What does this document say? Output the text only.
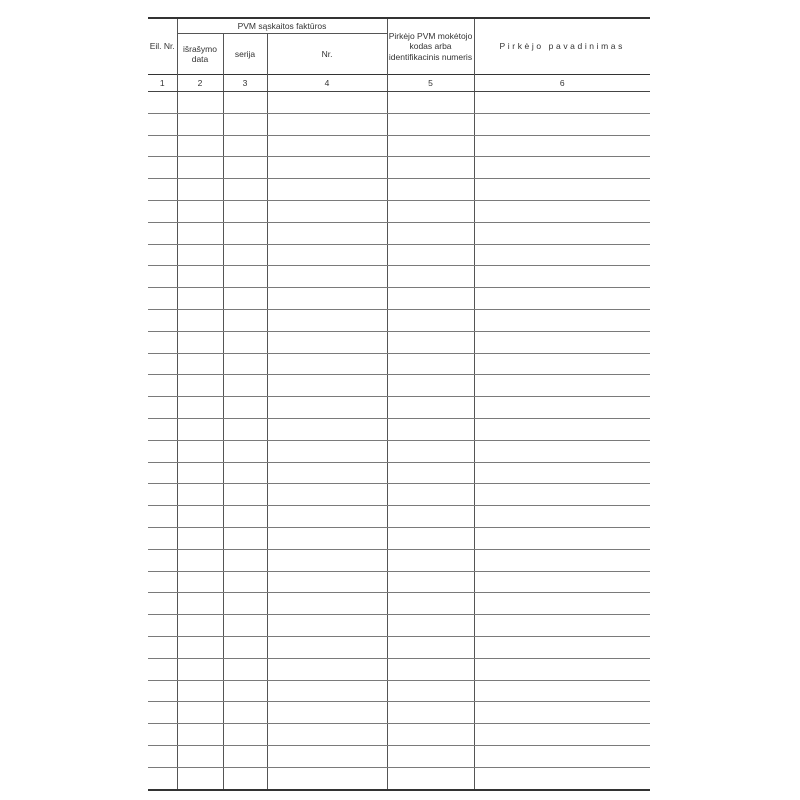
Eil. Nr.	PVM sąskaitos faktūros			Pirkėjo PVM mokėtojo kodas arba identifikacinis numeris	Pirkėjo pavadinimas
	išrašymo data	serija	Nr.		
1	2	3	4	5	6
